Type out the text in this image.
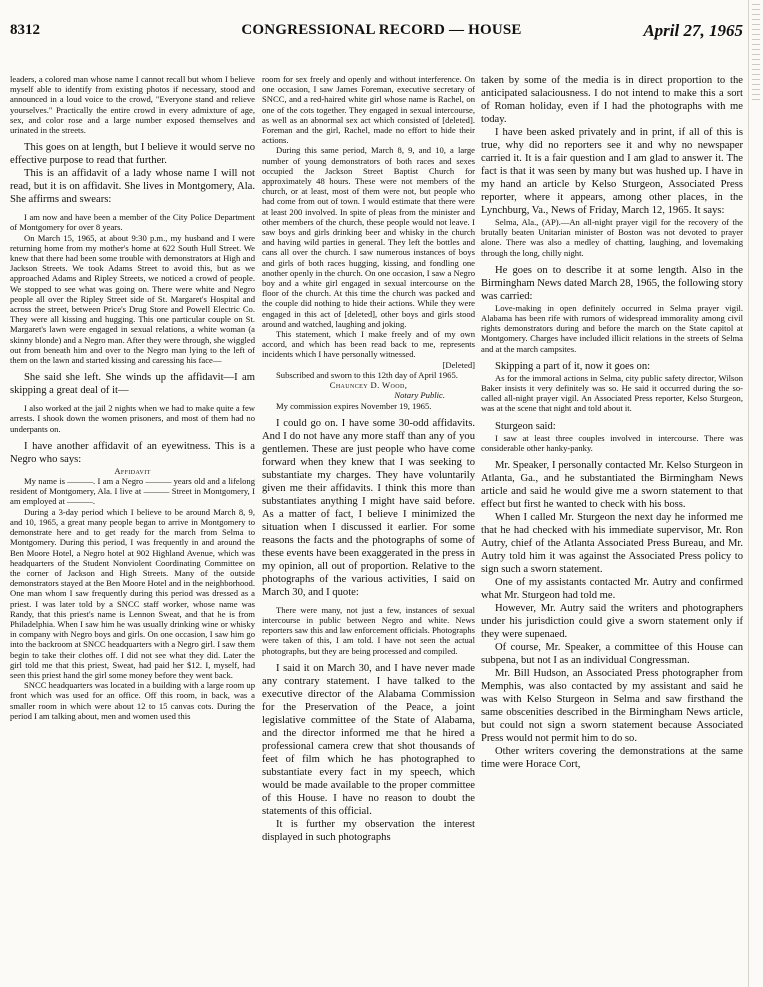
8312	CONGRESSIONAL RECORD — HOUSE	April 27, 1965

leaders, a colored man whose name I cannot recall but whom I believe myself able to identify from existing photos if necessary, stood and announced in a loud voice to the crowd, "Everyone stand and relieve yourselves." Practically the entire crowd in every admixture of age, sex, and color rose and a large number exposed themselves and urinated in the streets.

This goes on at length, but I believe it would serve no effective purpose to read that further.

This is an affidavit of a lady whose name I will not read, but it is on affidavit. She lives in Montgomery, Ala. She affirms and swears:

I am now and have been a member of the City Police Department of Montgomery for over 8 years.

On March 15, 1965, at about 9:30 p.m., my husband and I were returning home from my mother's home at 622 South Hull Street. We knew that there had been some trouble with demonstrators at High and Jackson Streets. We took Adams Street to avoid this, but as we approached Adams and Ripley Streets, we noticed a crowd of people. We stopped to see what was going on. There were white and Negro people all over the Ripley Street side of St. Margaret's Hospital and across the street, between Price's Drug Store and Powell Electric Co. They were all kissing and hugging. This one particular couple on St. Margaret's lawn were engaged in sexual relations, a white woman (a skinny blonde) and a Negro man. After they were through, she wiggled out from beneath him and over to the Negro man lying to the left of them on the lawn and started kissing and caressing his face—

She said she left. She winds up the affidavit—I am skipping a great deal of it—

I also worked at the jail 2 nights when we had to make quite a few arrests. I shook down the women prisoners, and most of them had no underpants on.

I have another affidavit of an eyewitness. This is a Negro who says:

Affidavit

My name is ———. I am a Negro ——— years old and a lifelong resident of Montgomery, Ala. I live at ——— Street in Montgomery, I am employed at ———.

During a 3-day period which I believe to be around March 8, 9, and 10, 1965, a great many people began to arrive in Montgomery to demonstrate here and to get ready for the march from Selma to Montgomery. During this period, I was frequently in and around the Ben Moore Hotel, a Negro hotel at 902 Highland Avenue, which was headquarters of the Student Nonviolent Coordinating Committee on the corner of Jackson and High Streets. Many of the outside demonstrators stayed at the Ben Moore Hotel and in the neighborhood. One man whom I saw frequently during this period was dressed as a priest. I was later told by a SNCC staff worker, whose name was Randy, that this priest's name is Lennon Sweat, and that he is from Philadelphia. When I saw him he was usually drinking wine or whisky in company with Negro boys and girls. On one occasion, I saw him go into the backroom at SNCC headquarters with a Negro girl. I saw them begin to take their clothes off. I did not see what they did. Later the girl told me that this priest, Sweat, had paid her $12. I, myself, had seen this priest hand the girl some money before they went back.

SNCC headquarters was located in a building with a large room up front which was used for an office. Off this room, in back, was a smaller room in which were about 12 to 15 canvas cots. During the period I am talking about, men and women used this

room for sex freely and openly and without interference. On one occasion, I saw James Foreman, executive secretary of SNCC, and a red-haired white girl whose name is Rachel, on one of the cots together. They engaged in sexual intercourse, as well as an abnormal sex act which consisted of [deleted]. Foreman and the girl, Rachel, made no effort to hide their actions.

During this same period, March 8, 9, and 10, a large number of young demonstrators of both races and sexes occupied the Jackson Street Baptist Church for approximately 48 hours. These were not members of the church, or at least, most of them were not, but people who had come from out of town. I would estimate that there were at least 200 involved. In spite of pleas from the minister and other members of the church, these people would not leave. I saw boys and girls drinking beer and whisky in the church and having wild parties in general. They left the bottles and cans all over the church. I saw numerous instances of boys and girls of both races hugging, kissing, and fondling one another openly in the church. On one occasion, I saw a Negro boy and a white girl engaged in sexual intercourse on the floor of the church. At this time the church was packed and the couple did nothing to hide their actions. While they were engaged in this act of [deleted], other boys and girls stood around and watched, laughing and joking.

This statement, which I make freely and of my own accord, and which has been read back to me, represents incidents which I have personally witnessed.

[Deleted]

Subscribed and sworn to this 12th day of April 1965.

Chauncey D. Wood,

Notary Public.

My commission expires November 19, 1965.

I could go on. I have some 30-odd affidavits. And I do not have any more staff than any of you gentlemen. These are just people who have come forward when they knew that I was seeking to substantiate my charges. They have voluntarily given me their affidavits. I think this more than substantiates anything I might have said before. As a matter of fact, I believe I minimized the situation when I discussed it earlier. For some reasons the facts and the photographs of some of these events have been exaggerated in the press in my opinion, all out of proportion. Relative to the photographs of the various activities, I said on March 30, and I quote:

There were many, not just a few, instances of sexual intercourse in public between Negro and white. News reporters saw this and law enforcement officials. Photographs were taken of this, I am told. I have not seen the actual photographs, but they are being processed and compiled.

I said it on March 30, and I have never made any contrary statement. I have talked to the executive director of the Alabama Commission for the Preservation of the Peace, a joint legislative committee of the State of Alabama, and the director informed me that he hired a professional camera crew that shot thousands of feet of film which he has photographed to substantiate every fact in my speech, which would be made available to the proper committee of this House. I have no reason to doubt the statements of this official.

It is further my observation the interest displayed in such photographs

taken by some of the media is in direct proportion to the anticipated salaciousness. I do not intend to make this a sort of Roman holiday, even if I had the photographs with me today.

I have been asked privately and in print, if all of this is true, why did no reporters see it and why no newspaper carried it. It is a fair question and I am glad to answer it. The fact is that it was seen by many but was hushed up. I have in my hand an article by Kelso Sturgeon, Associated Press reporter, where it appears, among other places, in the Lynchburg, Va., News of Friday, March 12, 1965. It says:

Selma, Ala., (AP).—An all-night prayer vigil for the recovery of the brutally beaten Unitarian minister of Boston was not devoted to prayer alone. There was also a medley of chatting, laughing, and lovemaking through the long, chilly night.

He goes on to describe it at some length. Also in the Birmingham News dated March 28, 1965, the following story was carried:

Love-making in open definitely occurred in Selma prayer vigil. Alabama has been rife with rumors of widespread immorality among civil rights demonstrators during and before the march on the State capitol at Montgomery. Charges have included illicit relations in the streets of Selma and at the march campsites.

Skipping a part of it, now it goes on:

As for the immoral actions in Selma, city public safety director, Wilson Baker insists it very definitely was so. He said it occurred during the so-called all-night prayer vigil. An Associated Press reporter, Kelso Sturgeon, was at the scene that night and told about it.

Sturgeon said:

I saw at least three couples involved in intercourse. There was considerable other hanky-panky.

Mr. Speaker, I personally contacted Mr. Kelso Sturgeon in Atlanta, Ga., and he substantiated the Birmingham News article and said he would give me a sworn statement to that effect but first he wanted to check with his boss.

When I called Mr. Sturgeon the next day he informed me that he had checked with his immediate supervisor, Mr. Ron Autry, chief of the Atlanta Associated Press Bureau, and Mr. Autry told him it was against the Associated Press policy to sign such a sworn statement.

One of my assistants contacted Mr. Autry and confirmed what Mr. Sturgeon had told me.

However, Mr. Autry said the writers and photographers under his jurisdiction could give a sworn statement only if they were supenaed.

Of course, Mr. Speaker, a committee of this House can subpena, but not I as an individual Congressman.

Mr. Bill Hudson, an Associated Press photographer from Memphis, was also contacted by my assistant and said he was with Kelso Sturgeon in Selma and saw firsthand the same obscenities described in the Birmingham News article, but could not sign a sworn statement because Associated Press would not permit him to do so.

Other writers covering the demonstrations at the same time were Horace Cort,
